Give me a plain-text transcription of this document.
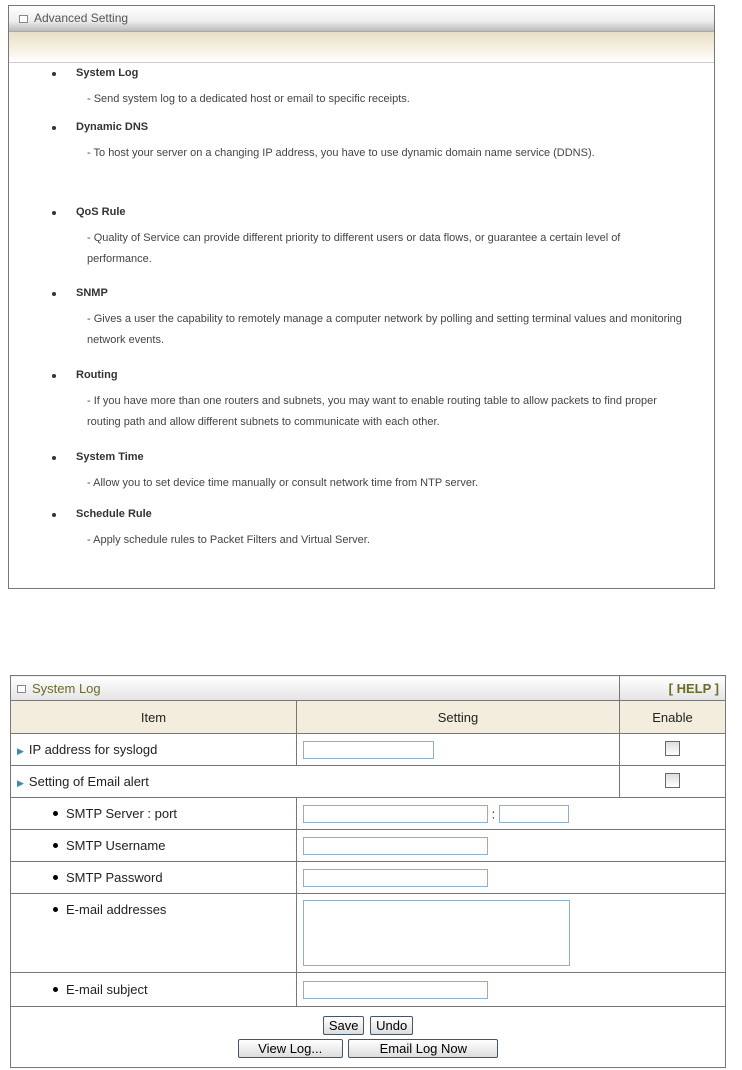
Advanced Setting
System Log
- Send system log to a dedicated host or email to specific receipts.
Dynamic DNS
- To host your server on a changing IP address, you have to use dynamic domain name service (DDNS).
QoS Rule
- Quality of Service can provide different priority to different users or data flows, or guarantee a certain level of performance.
SNMP
- Gives a user the capability to remotely manage a computer network by polling and setting terminal values and monitoring network events.
Routing
- If you have more than one routers and subnets, you may want to enable routing table to allow packets to find proper routing path and allow different subnets to communicate with each other.
System Time
- Allow you to set device time manually or consult network time from NTP server.
Schedule Rule
- Apply schedule rules to Packet Filters and Virtual Server.
System Log		[ HELP ]
Item	Setting	Enable
▶ IP address for syslogd		
▶ Setting of Email alert		
SMTP Server : port	:	
SMTP Username	
SMTP Password	
E-mail addresses	
E-mail subject	
Save Undo
View Log... Email Log Now		
